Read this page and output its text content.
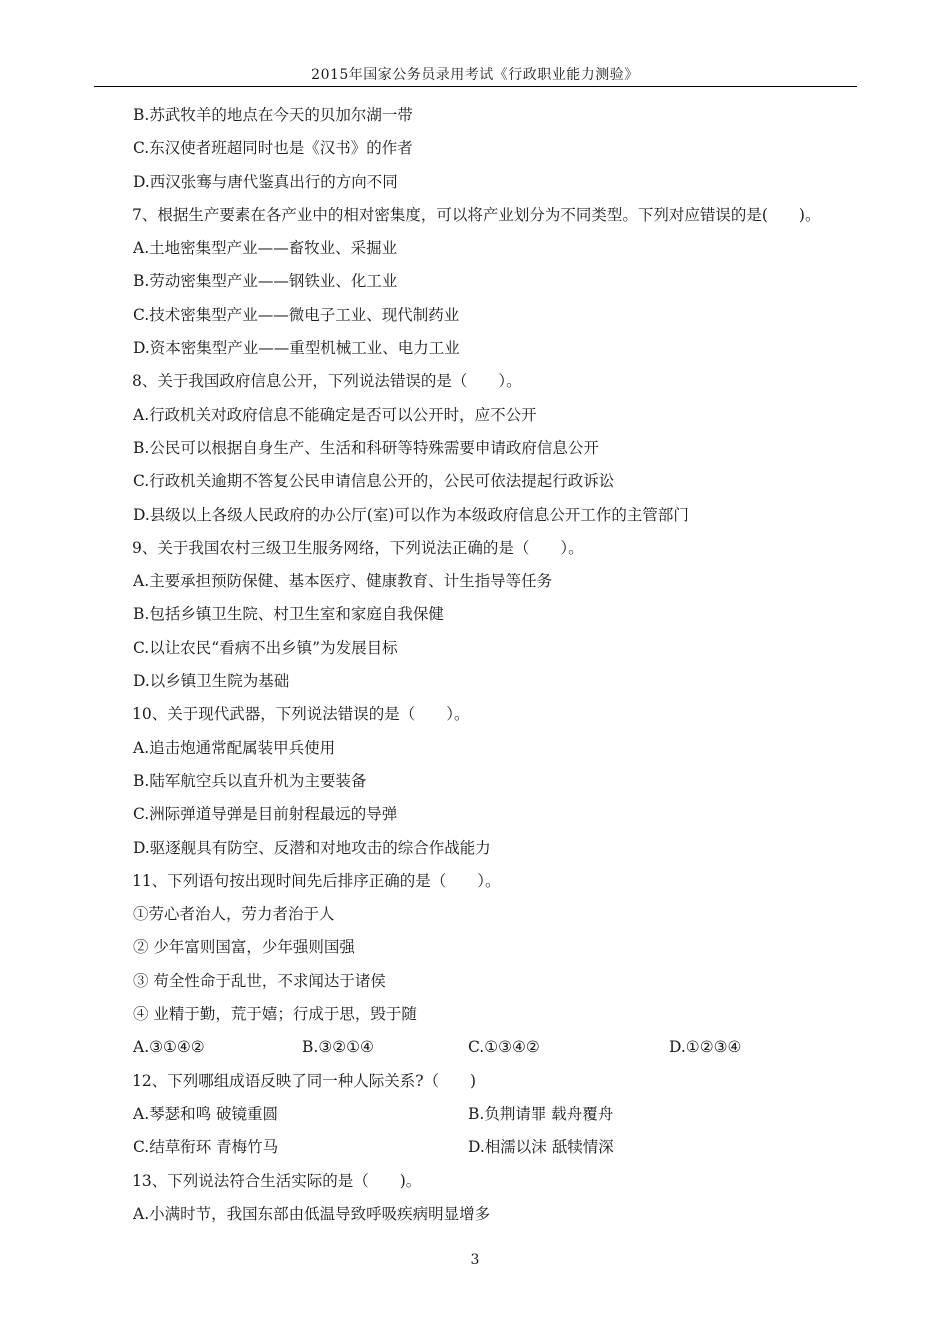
2015年国家公务员录用考试《行政职业能力测验》
B.苏武牧羊的地点在今天的贝加尔湖一带
C.东汉使者班超同时也是《汉书》的作者
D.西汉张骞与唐代鉴真出行的方向不同
7、根据生产要素在各产业中的相对密集度，可以将产业划分为不同类型。下列对应错误的是(　　)。
A.土地密集型产业——畜牧业、采掘业
B.劳动密集型产业——钢铁业、化工业
C.技术密集型产业——微电子工业、现代制药业
D.资本密集型产业——重型机械工业、电力工业
8、关于我国政府信息公开，下列说法错误的是（　　）。
A.行政机关对政府信息不能确定是否可以公开时，应不公开
B.公民可以根据自身生产、生活和科研等特殊需要申请政府信息公开
C.行政机关逾期不答复公民申请信息公开的，公民可依法提起行政诉讼
D.县级以上各级人民政府的办公厅(室)可以作为本级政府信息公开工作的主管部门
9、关于我国农村三级卫生服务网络，下列说法正确的是（　　）。
A.主要承担预防保健、基本医疗、健康教育、计生指导等任务
B.包括乡镇卫生院、村卫生室和家庭自我保健
C.以让农民“看病不出乡镇”为发展目标
D.以乡镇卫生院为基础
10、关于现代武器，下列说法错误的是（　　）。
A.追击炮通常配属装甲兵使用
B.陆军航空兵以直升机为主要装备
C.洲际弹道导弹是目前射程最远的导弹
D.驱逐舰具有防空、反潜和对地攻击的综合作战能力
11、下列语句按出现时间先后排序正确的是（　　）。
①劳心者治人，劳力者治于人
② 少年富则国富，少年强则国强
③ 苟全性命于乱世，不求闻达于诸侯
④ 业精于勤，荒于嬉；行成于思，毁于随
A.③①④②	B.③②①④	C.①③④②	D.①②③④
12、下列哪组成语反映了同一种人际关系?（　　)
A.琴瑟和鸣 破镜重圆	B.负荆请罪 载舟覆舟
C.结草衔环 青梅竹马	D.相濡以沫 舐犊情深
13、下列说法符合生活实际的是（　　)。
A.小满时节，我国东部由低温导致呼吸疾病明显增多
3
